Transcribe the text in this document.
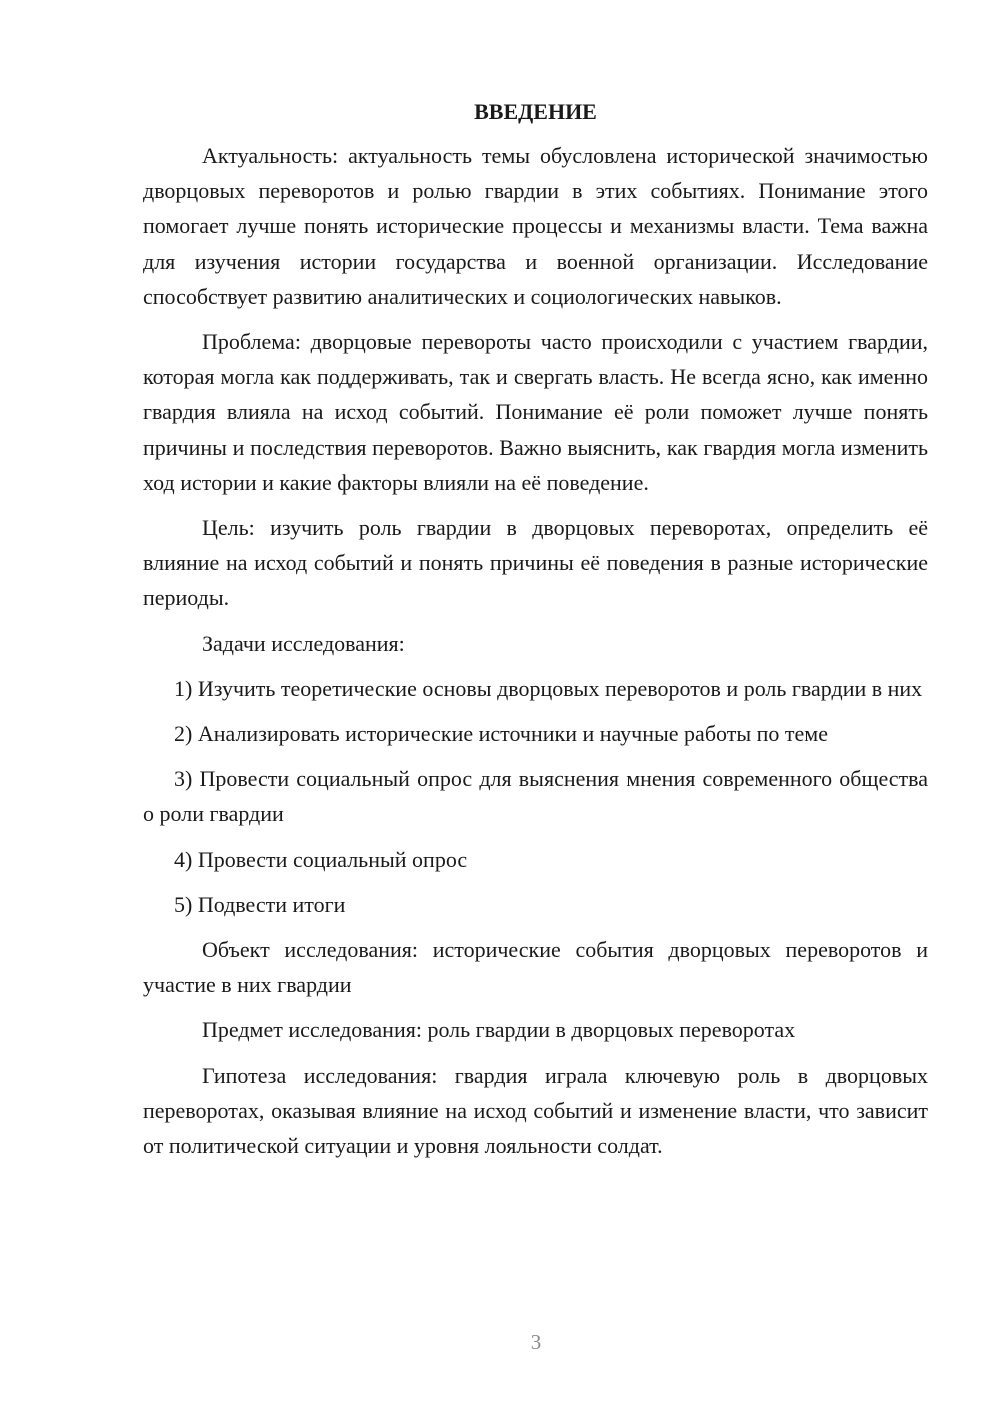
ВВЕДЕНИЕ

Актуальность: актуальность темы обусловлена исторической значимостью дворцовых переворотов и ролью гвардии в этих событиях. Понимание этого помогает лучше понять исторические процессы и механизмы власти. Тема важна для изучения истории государства и военной организации. Исследование способствует развитию аналитических и социологических навыков.

Проблема: дворцовые перевороты часто происходили с участием гвардии, которая могла как поддерживать, так и свергать власть. Не всегда ясно, как именно гвардия влияла на исход событий. Понимание её роли поможет лучше понять причины и последствия переворотов. Важно выяснить, как гвардия могла изменить ход истории и какие факторы влияли на её поведение.

Цель: изучить роль гвардии в дворцовых переворотах, определить её влияние на исход событий и понять причины её поведения в разные исторические периоды.

Задачи исследования:

1) Изучить теоретические основы дворцовых переворотов и роль гвардии в них

2) Анализировать исторические источники и научные работы по теме

3) Провести социальный опрос для выяснения мнения современного общества о роли гвардии

4) Провести социальный опрос

5) Подвести итоги

Объект исследования: исторические события дворцовых переворотов и участие в них гвардии

Предмет исследования: роль гвардии в дворцовых переворотах

Гипотеза исследования: гвардия играла ключевую роль в дворцовых переворотах, оказывая влияние на исход событий и изменение власти, что зависит от политической ситуации и уровня лояльности солдат.

3
